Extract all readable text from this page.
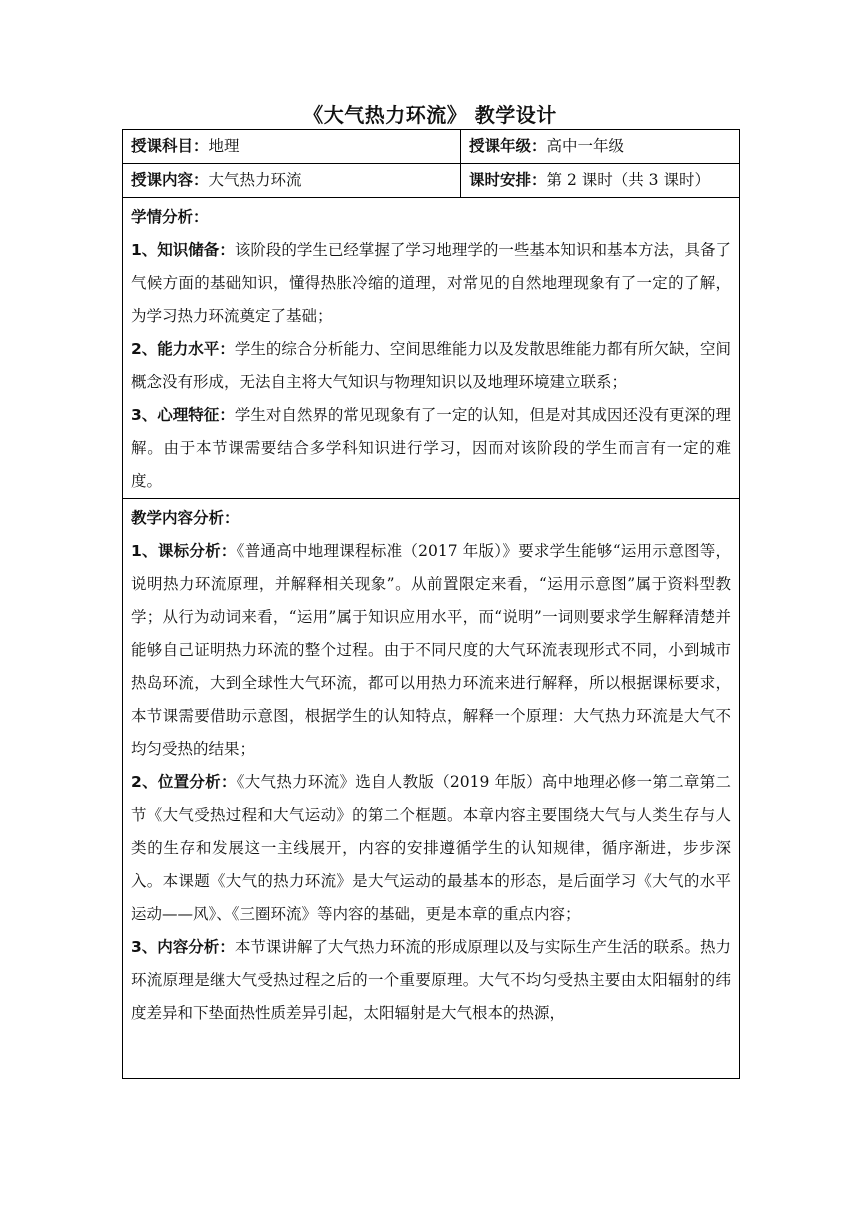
《大气热力环流》 教学设计
授课科目：地理	授课年级：高中一年级
授课内容：大气热力环流	课时安排：第 2 课时（共 3 课时）

学情分析：

1、知识储备：该阶段的学生已经掌握了学习地理学的一些基本知识和基本方法，具备了气候方面的基础知识，懂得热胀冷缩的道理，对常见的自然地理现象有了一定的了解，为学习热力环流奠定了基础；

2、能力水平：学生的综合分析能力、空间思维能力以及发散思维能力都有所欠缺，空间概念没有形成，无法自主将大气知识与物理知识以及地理环境建立联系；

3、心理特征：学生对自然界的常见现象有了一定的认知，但是对其成因还没有更深的理解。由于本节课需要结合多学科知识进行学习，因而对该阶段的学生而言有一定的难度。	

教学内容分析：

1、课标分析：《普通高中地理课程标准（2017 年版）》要求学生能够“运用示意图等，说明热力环流原理，并解释相关现象”。从前置限定来看，“运用示意图”属于资料型教学；从行为动词来看，“运用”属于知识应用水平，而“说明”一词则要求学生解释清楚并能够自己证明热力环流的整个过程。由于不同尺度的大气环流表现形式不同，小到城市热岛环流，大到全球性大气环流，都可以用热力环流来进行解释，所以根据课标要求，本节课需要借助示意图，根据学生的认知特点，解释一个原理：大气热力环流是大气不均匀受热的结果；

2、位置分析：《大气热力环流》选自人教版（2019 年版）高中地理必修一第二章第二节《大气受热过程和大气运动》的第二个框题。本章内容主要围绕大气与人类生存与人类的生存和发展这一主线展开，内容的安排遵循学生的认知规律，循序渐进，步步深入。本课题《大气的热力环流》是大气运动的最基本的形态，是后面学习《大气的水平运动——风》、《三圈环流》等内容的基础，更是本章的重点内容；

3、内容分析：本节课讲解了大气热力环流的形成原理以及与实际生产生活的联系。热力环流原理是继大气受热过程之后的一个重要原理。大气不均匀受热主要由太阳辐射的纬度差异和下垫面热性质差异引起，太阳辐射是大气根本的热源，	
